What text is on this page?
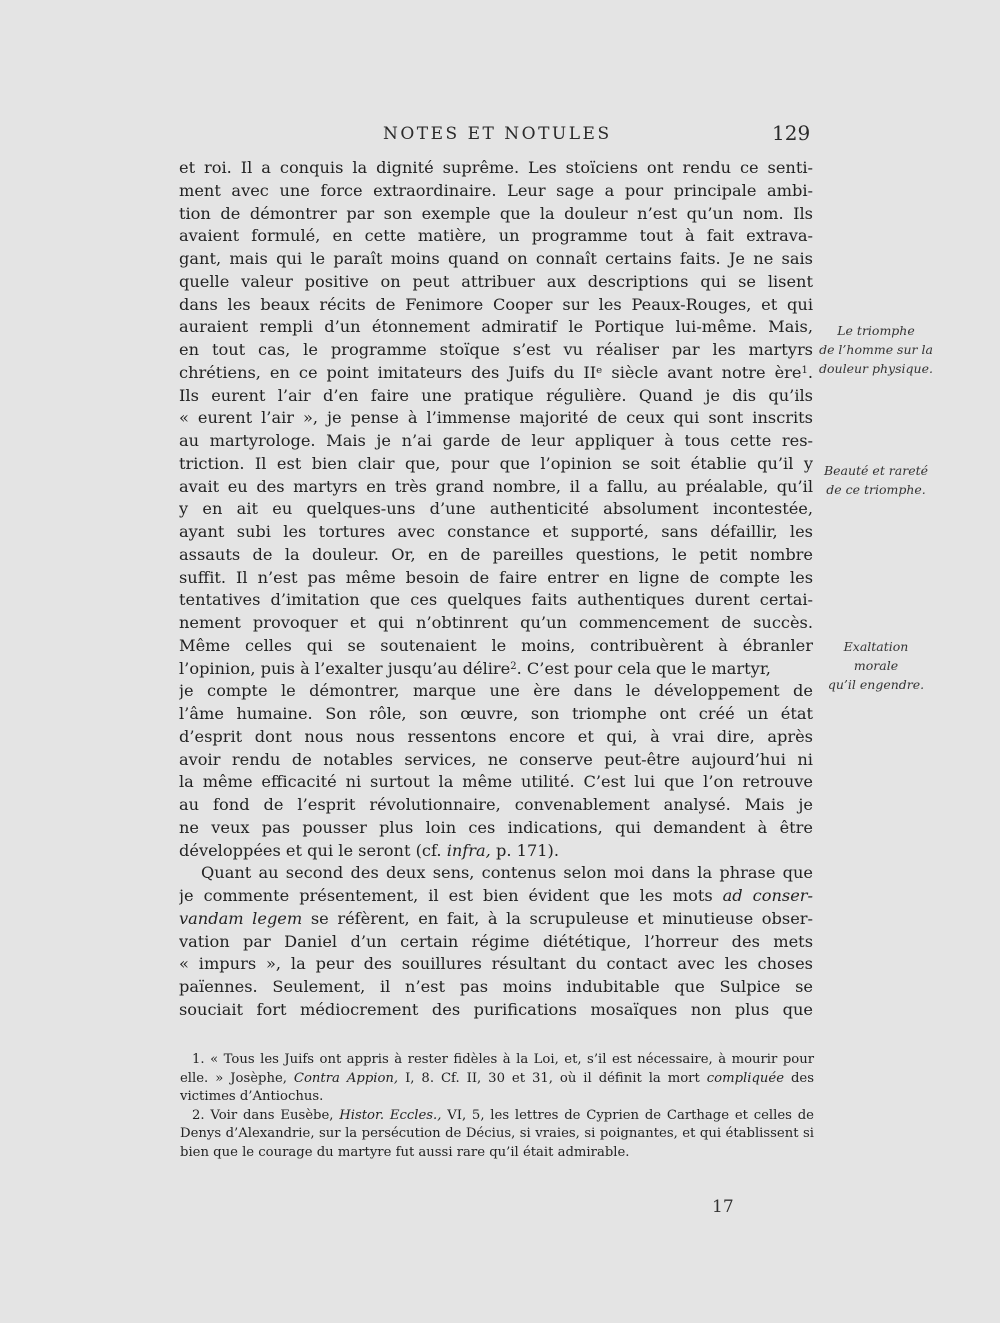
NOTES ET NOTULES	129
et roi. Il a conquis la dignité suprême. Les stoïciens ont rendu ce senti-
ment avec une force extraordinaire. Leur sage a pour principale ambi-
tion de démontrer par son exemple que la douleur n’est qu’un nom. Ils
avaient formulé, en cette matière, un programme tout à fait extrava-
gant, mais qui le paraît moins quand on connaît certains faits. Je ne sais
quelle valeur positive on peut attribuer aux descriptions qui se lisent
dans les beaux récits de Fenimore Cooper sur les Peaux-Rouges, et qui
auraient rempli d’un étonnement admiratif le Portique lui-même. Mais,
en tout cas, le programme stoïque s’est vu réaliser par les martyrs
chrétiens, en ce point imitateurs des Juifs du IIᵉ siècle avant notre ère$^1$.
Ils eurent l’air d’en faire une pratique régulière. Quand je dis qu’ils
« eurent l’air », je pense à l’immense majorité de ceux qui sont inscrits
au martyrologe. Mais je n’ai garde de leur appliquer à tous cette res-
triction. Il est bien clair que, pour que l’opinion se soit établie qu’il y
avait eu des martyrs en très grand nombre, il a fallu, au préalable, qu’il
y en ait eu quelques-uns d’une authenticité absolument incontestée,
ayant subi les tortures avec constance et supporté, sans défaillir, les
assauts de la douleur. Or, en de pareilles questions, le petit nombre
suffit. Il n’est pas même besoin de faire entrer en ligne de compte les
tentatives d’imitation que ces quelques faits authentiques durent certai-
nement provoquer et qui n’obtinrent qu’un commencement de succès.
Même celles qui se soutenaient le moins, contribuèrent à ébranler
l’opinion, puis à l’exalter jusqu’au délire$^2$. C’est pour cela que le martyr,
je compte le démontrer, marque une ère dans le développement de
l’âme humaine. Son rôle, son œuvre, son triomphe ont créé un état
d’esprit dont nous nous ressentons encore et qui, à vrai dire, après
avoir rendu de notables services, ne conserve peut-être aujourd’hui ni
la même efficacité ni surtout la même utilité. C’est lui que l’on retrouve
au fond de l’esprit révolutionnaire, convenablement analysé. Mais je
ne veux pas pousser plus loin ces indications, qui demandent à être
développées et qui le seront (cf. infra, p. 171).
Quant au second des deux sens, contenus selon moi dans la phrase que
je commente présentement, il est bien évident que les mots ad conser-
vandam legem se réfèrent, en fait, à la scrupuleuse et minutieuse obser-
vation par Daniel d’un certain régime diététique, l’horreur des mets
« impurs », la peur des souillures résultant du contact avec les choses
païennes. Seulement, il n’est pas moins indubitable que Sulpice se
souciait fort médiocrement des purifications mosaïques non plus que
Le triomphe
de l’homme sur la
douleur physique.
Beauté et rareté
de ce triomphe.
Exaltation
morale
qu’il engendre.
1. « Tous les Juifs ont appris à rester fidèles à la Loi, et, s’il est nécessaire, à mourir pour elle. » Josèphe, Contra Appion, I, 8. Cf. II, 30 et 31, où il définit la mort compliquée des victimes d’Antiochus.
2. Voir dans Eusèbe, Histor. Eccles., VI, 5, les lettres de Cyprien de Carthage et celles de Denys d’Alexandrie, sur la persécution de Décius, si vraies, si poignantes, et qui établissent si bien que le courage du martyre fut aussi rare qu’il était admirable.
17
